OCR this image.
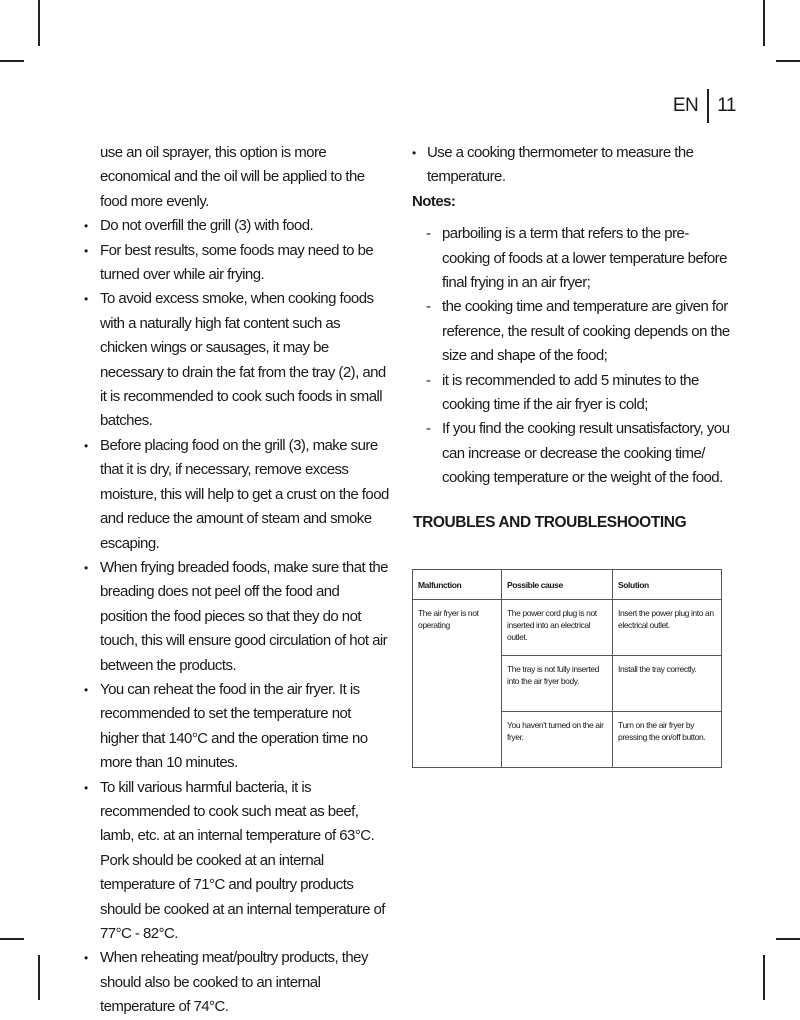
EN 11
use an oil sprayer, this option is more economical and the oil will be applied to the food more evenly.
• Do not overfill the grill (3) with food.
• For best results, some foods may need to be turned over while air frying.
• To avoid excess smoke, when cooking foods with a naturally high fat content such as chicken wings or sausages, it may be necessary to drain the fat from the tray (2), and it is recommended to cook such foods in small batches.
• Before placing food on the grill (3), make sure that it is dry, if necessary, remove excess moisture, this will help to get a crust on the food and reduce the amount of steam and smoke escaping.
• When frying breaded foods, make sure that the breading does not peel off the food and position the food pieces so that they do not touch, this will ensure good circulation of hot air between the products.
• You can reheat the food in the air fryer. It is recommended to set the temperature not higher that 140°C and the operation time no more than 10 minutes.
• To kill various harmful bacteria, it is recommended to cook such meat as beef, lamb, etc. at an internal temperature of 63°C. Pork should be cooked at an internal temperature of 71°C and poultry products should be cooked at an internal temperature of 77°C - 82°C.
• When reheating meat/poultry products, they should also be cooked to an internal temperature of 74°C.
• Use a cooking thermometer to measure the temperature.
Notes:
- parboiling is a term that refers to the pre-cooking of foods at a lower temperature before final frying in an air fryer;
- the cooking time and temperature are given for reference, the result of cooking depends on the size and shape of the food;
- it is recommended to add 5 minutes to the cooking time if the air fryer is cold;
- If you find the cooking result unsatisfactory, you can increase or decrease the cooking time/ cooking temperature or the weight of the food.
TROUBLES AND TROUBLESHOOTING
Malfunction	Possible cause	Solution
The air fryer is not operating	The power cord plug is not inserted into an electrical outlet.	Insert the power plug into an electrical outlet.
	The tray is not fully inserted into the air fryer body.	Install the tray correctly.
	You haven't turned on the air fryer.	Turn on the air fryer by pressing the on/off button.
